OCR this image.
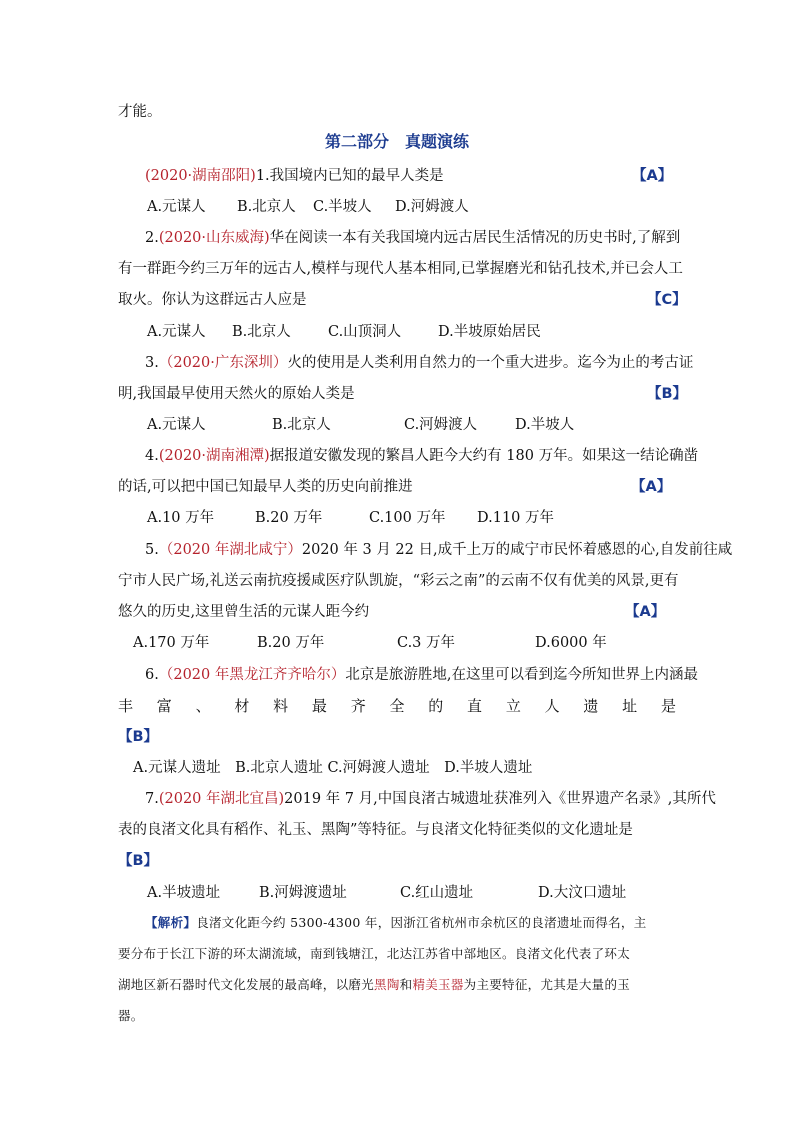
才能。
第二部分　真题演练
(2020·湖南邵阳)1.我国境内已知的最早人类是	【A】
A.元谋人 B.北京人 C.半坡人 D.河姆渡人
2.(2020·山东威海)华在阅读一本有关我国境内远古居民生活情况的历史书时,了解到
有一群距今约三万年的远古人,模样与现代人基本相同,已掌握磨光和钻孔技术,并已会人工
取火。你认为这群远古人应是	【C】
A.元谋人 B.北京人	C.山顶洞人	D.半坡原始居民
3.（2020·广东深圳）火的使用是人类利用自然力的一个重大进步。迄今为止的考古证
明,我国最早使用天然火的原始人类是	【B】
A.元谋人	B.北京人	C.河姆渡人	D.半坡人
4.(2020·湖南湘潭)据报道安徽发现的繁昌人距今大约有 180 万年。如果这一结论确凿
的话,可以把中国已知最早人类的历史向前推进	【A】
A.10 万年	B.20 万年	C.100 万年 D.110 万年
5.（2020 年湖北咸宁）2020 年 3 月 22 日,成千上万的咸宁市民怀着感恩的心,自发前往咸
宁市人民广场,礼送云南抗疫援咸医疗队凯旋，“彩云之南”的云南不仅有优美的风景,更有
悠久的历史,这里曾生活的元谋人距今约	【A】
A.170 万年	B.20 万年	C.3 万年	D.6000 年
6.（2020 年黑龙江齐齐哈尔）北京是旅游胜地,在这里可以看到迄今所知世界上内涵最
丰 富 、 材 料 最 齐 全 的 直 立 人 遗 址 是
【B】
A.元谋人遗址　B.北京人遗址 C.河姆渡人遗址　D.半坡人遗址
7.(2020 年湖北宜昌)2019 年 7 月,中国良渚古城遗址获准列入《世界遗产名录》,其所代
表的良渚文化具有稻作、礼玉、黑陶”等特征。与良渚文化特征类似的文化遗址是
【B】
A.半坡遗址	B.河姆渡遗址	C.红山遗址	D.大汶口遗址
【解析】良渚文化距今约 5300-4300 年，因浙江省杭州市余杭区的良渚遗址而得名，主
要分布于长江下游的环太湖流域，南到钱塘江，北达江苏省中部地区。良渚文化代表了环太
湖地区新石器时代文化发展的最高峰，以磨光黑陶和精美玉器为主要特征，尤其是大量的玉
器。
